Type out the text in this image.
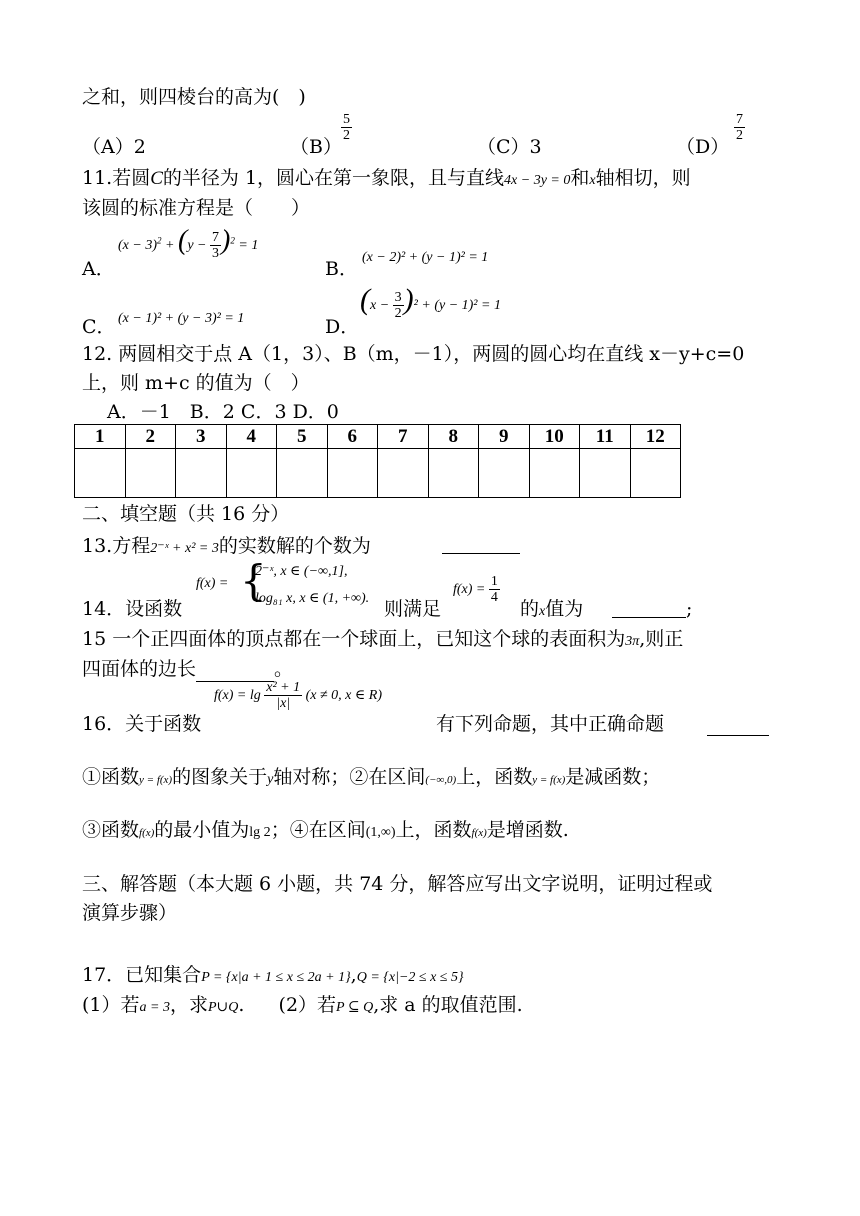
之和，则四棱台的高为(　)
（A）2	（B）
$\frac{5}{2}$
（C）3	（D）
$\frac{7}{2}$
11.若圆C的半径为 1，圆心在第一象限，且与直线4x − 3y = 0和x轴相切，则
该圆的标准方程是（　　）
A．
$(x - 3)^2 + (y - \frac{7}{3} )^2 = 1$
B．
(x − 2)² + (y − 1)² = 1
C． (x − 1)² + (y − 3)² = 1	D．
$(x - \frac{3}{2} )^2 + (y - 1)^2 = 1$
12. 两圆相交于点 A（1，3）、B（m，－1），两圆的圆心均在直线 x－y+c=0
上，则 m+c 的值为（　）
　A．－1　B．2 C．3 D．0
1	2	3	4	5	6	7	8	9	10	11	12

二、填空题（共 16 分）
13.方程2⁻ˣ + x² = 3的实数解的个数为
14．设函数
f(x) = {
2⁻ˣ, x ∈ (−∞,1],
log₈₁ x, x ∈ (1, +∞). 则满足
$f(x) = \frac{1}{4}$
的x值为	;
15 一个正四面体的顶点都在一个球面上，已知这个球的表面积为3π,则正
四面体的边长	。
16．关于函数
$f(x) = \lg \frac{\text{x² + 1}}{|x|} (x \ne 0$, x ∈ R)
有下列命题，其中正确命题
①函数y = f(x)的图象关于y轴对称；②在区间(−∞,0)上，函数y = f(x)是减函数；
③函数f(x)的最小值为lg 2；④在区间(1,∞)上，函数f(x)是增函数.
三、解答题（本大题 6 小题，共 74 分，解答应写出文字说明，证明过程或
演算步骤）
17．已知集合P = {x|a + 1 ≤ x ≤ 2a + 1},Q = {x|−2 ≤ x ≤ 5}
(1）若a = 3，求P∪Q. (2）若P ⊆ Q,求 a 的取值范围.
